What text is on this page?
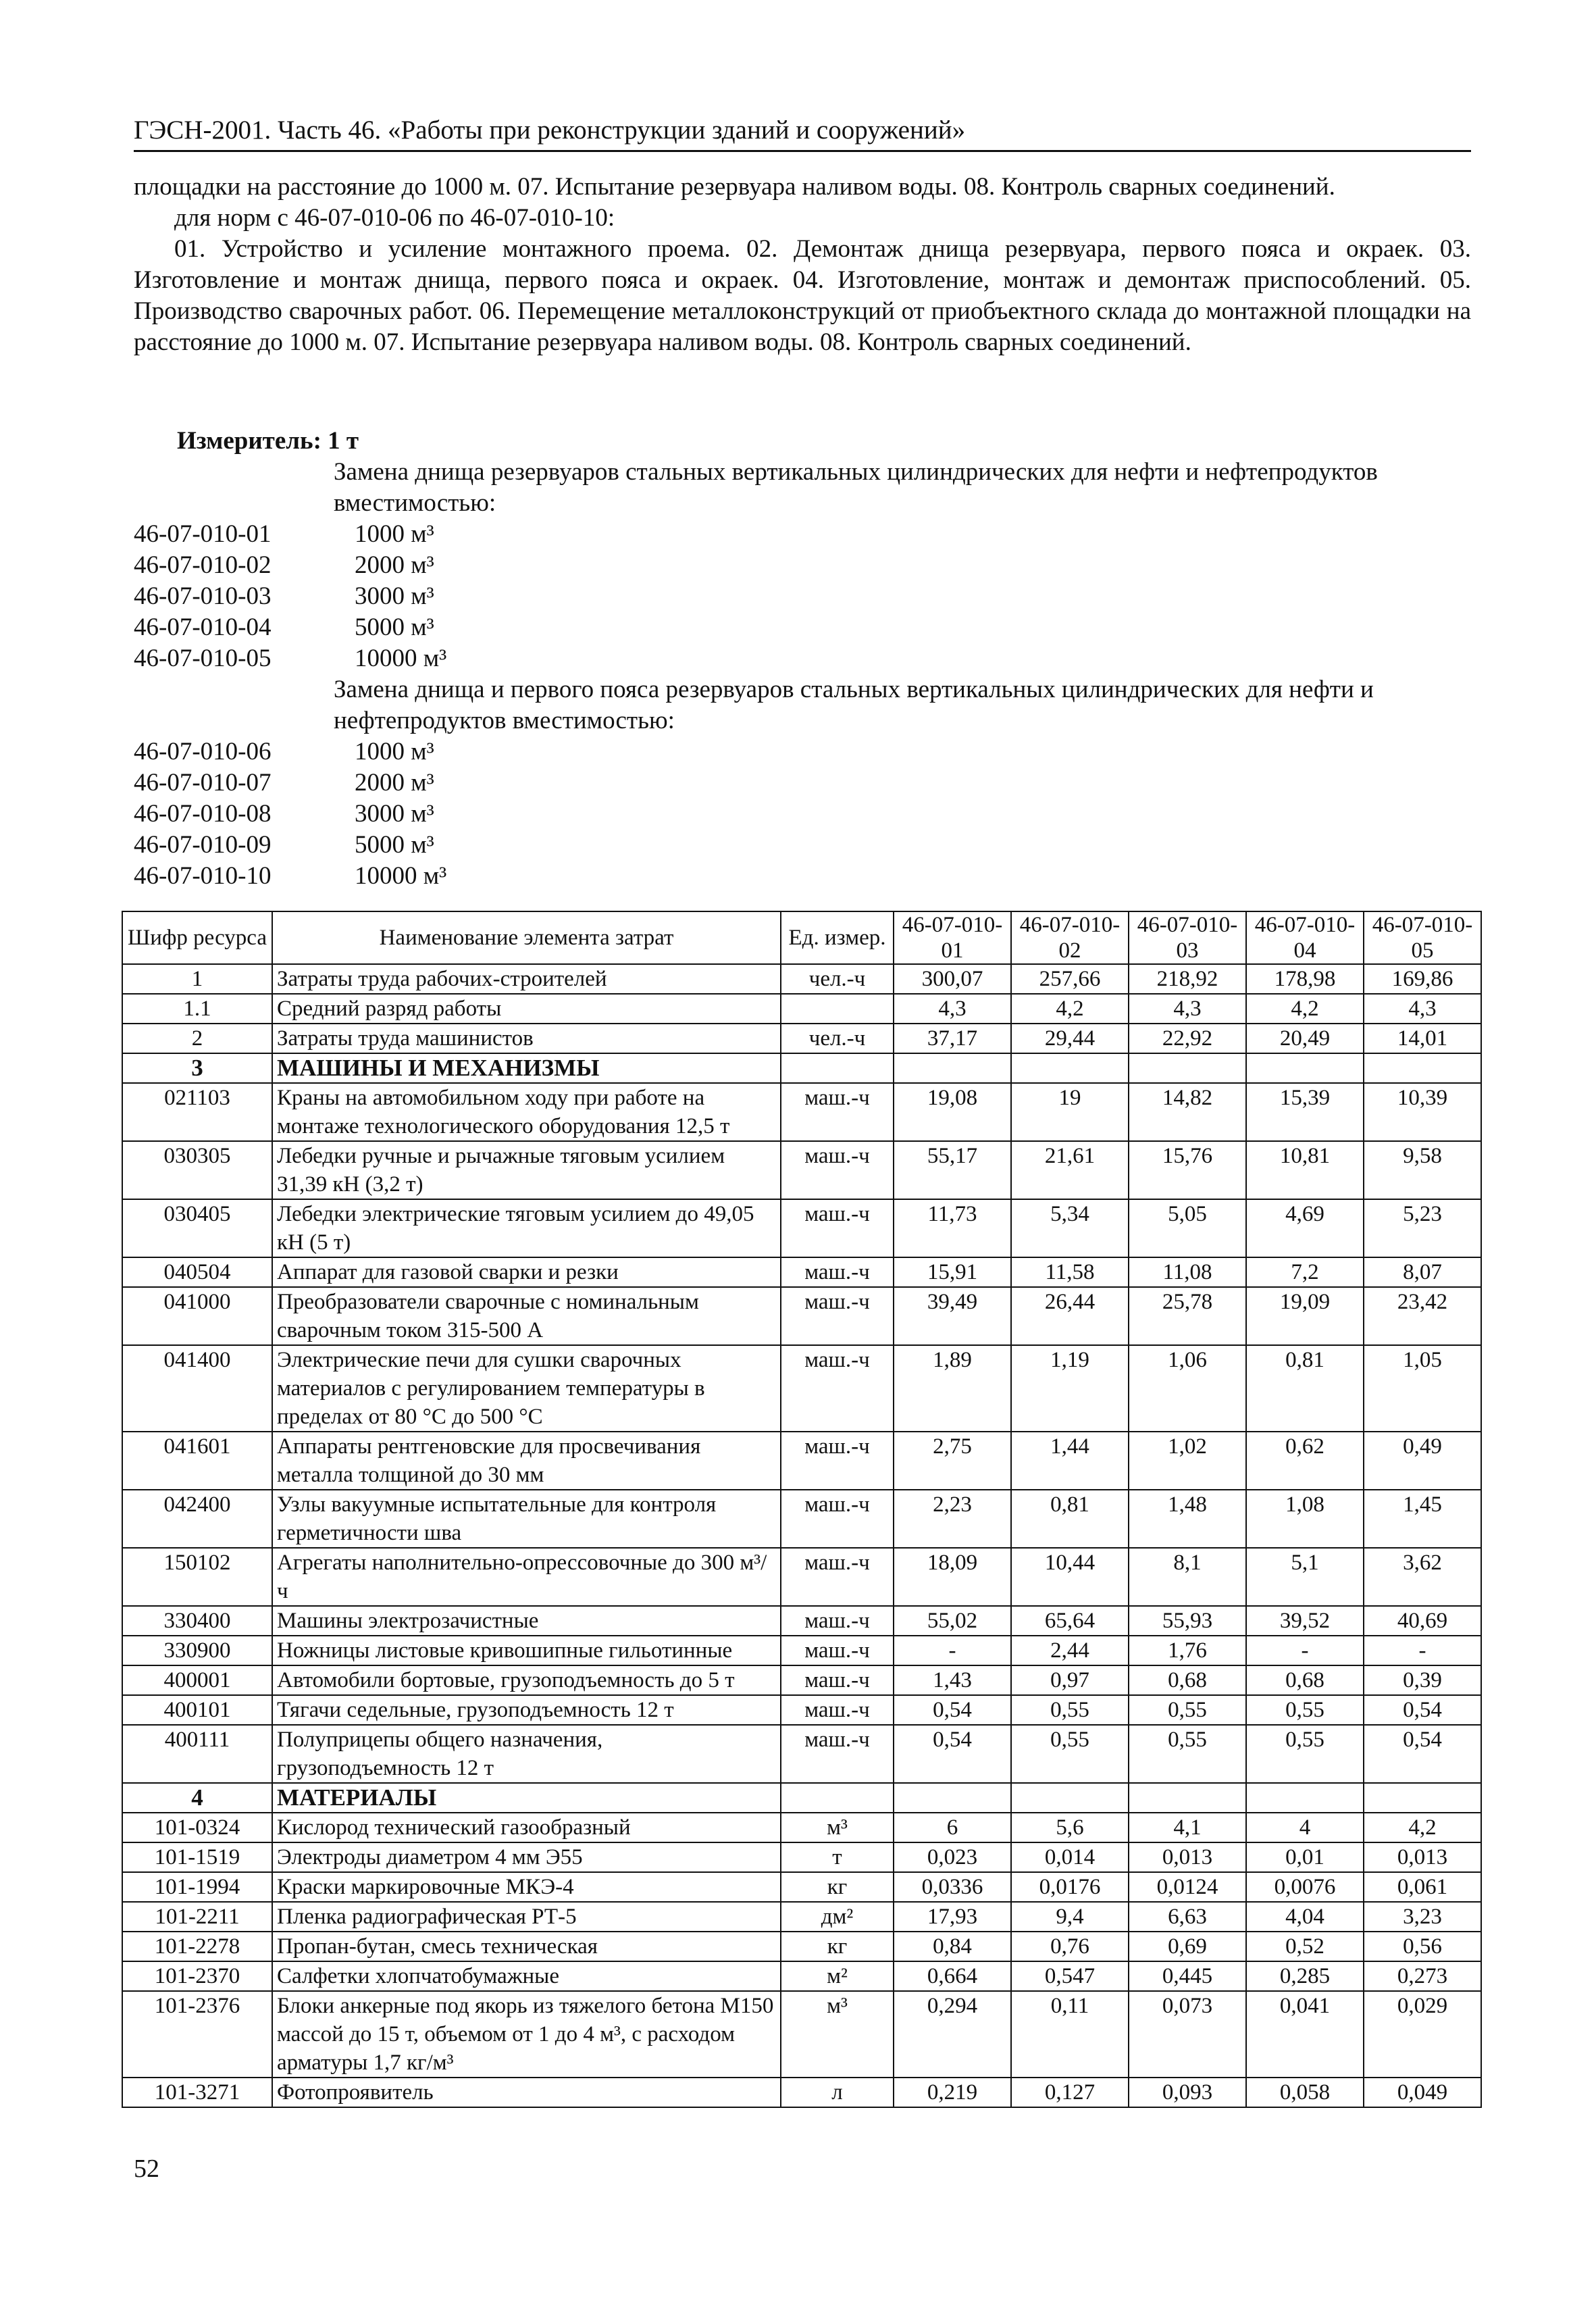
ГЭСН-2001. Часть 46. «Работы при реконструкции зданий и сооружений»

площадки на расстояние до 1000 м. 07. Испытание резервуара наливом воды. 08. Контроль сварных соединений.

для норм с 46-07-010-06 по 46-07-010-10:

01. Устройство и усиление монтажного проема. 02. Демонтаж днища резервуара, первого пояса и окраек. 03. Изготовление и монтаж днища, первого пояса и окраек. 04. Изготовление, монтаж и демонтаж приспособлений. 05. Производство сварочных работ. 06. Перемещение металлоконструкций от приобъектного склада до монтажной площадки на расстояние до 1000 м. 07. Испытание резервуара наливом воды. 08. Контроль сварных соединений.

Измеритель: 1 т
Замена днища резервуаров стальных вертикальных цилиндрических для нефти и нефтепродуктов вместимостью:
46-07-010-01	1000 м³
46-07-010-02	2000 м³
46-07-010-03	3000 м³
46-07-010-04	5000 м³
46-07-010-05	10000 м³
Замена днища и первого пояса резервуаров стальных вертикальных цилиндрических для нефти и нефтепродуктов вместимостью:
46-07-010-06	1000 м³
46-07-010-07	2000 м³
46-07-010-08	3000 м³
46-07-010-09	5000 м³
46-07-010-10	10000 м³
Шифр ресурса	Наименование элемента затрат	Ед. измер.	46-07-010-01	46-07-010-02	46-07-010-03	46-07-010-04	46-07-010-05
1	Затраты труда рабочих-строителей	чел.-ч	300,07	257,66	218,92	178,98	169,86
1.1	Средний разряд работы		4,3	4,2	4,3	4,2	4,3
2	Затраты труда машинистов	чел.-ч	37,17	29,44	22,92	20,49	14,01
3	МАШИНЫ И МЕХАНИЗМЫ						
021103	Краны на автомобильном ходу при работе на монтаже технологического оборудования 12,5 т	маш.-ч	19,08	19	14,82	15,39	10,39
030305	Лебедки ручные и рычажные тяговым усилием 31,39 кН (3,2 т)	маш.-ч	55,17	21,61	15,76	10,81	9,58
030405	Лебедки электрические тяговым усилием до 49,05 кН (5 т)	маш.-ч	11,73	5,34	5,05	4,69	5,23
040504	Аппарат для газовой сварки и резки	маш.-ч	15,91	11,58	11,08	7,2	8,07
041000	Преобразователи сварочные с номинальным сварочным током 315-500 А	маш.-ч	39,49	26,44	25,78	19,09	23,42
041400	Электрические печи для сушки сварочных материалов с регулированием температуры в пределах от 80 °С до 500 °С	маш.-ч	1,89	1,19	1,06	0,81	1,05
041601	Аппараты рентгеновские для просвечивания металла толщиной до 30 мм	маш.-ч	2,75	1,44	1,02	0,62	0,49
042400	Узлы вакуумные испытательные для контроля герметичности шва	маш.-ч	2,23	0,81	1,48	1,08	1,45
150102	Агрегаты наполнительно-опрессовочные до 300 м³/ч	маш.-ч	18,09	10,44	8,1	5,1	3,62
330400	Машины электрозачистные	маш.-ч	55,02	65,64	55,93	39,52	40,69
330900	Ножницы листовые кривошипные гильотинные	маш.-ч	-	2,44	1,76	-	-
400001	Автомобили бортовые, грузоподъемность до 5 т	маш.-ч	1,43	0,97	0,68	0,68	0,39
400101	Тягачи седельные, грузоподъемность 12 т	маш.-ч	0,54	0,55	0,55	0,55	0,54
400111	Полуприцепы общего назначения, грузоподъемность 12 т	маш.-ч	0,54	0,55	0,55	0,55	0,54
4	МАТЕРИАЛЫ						
101-0324	Кислород технический газообразный	м³	6	5,6	4,1	4	4,2
101-1519	Электроды диаметром 4 мм Э55	т	0,023	0,014	0,013	0,01	0,013
101-1994	Краски маркировочные МКЭ-4	кг	0,0336	0,0176	0,0124	0,0076	0,061
101-2211	Пленка радиографическая РТ-5	дм²	17,93	9,4	6,63	4,04	3,23
101-2278	Пропан-бутан, смесь техническая	кг	0,84	0,76	0,69	0,52	0,56
101-2370	Салфетки хлопчатобумажные	м²	0,664	0,547	0,445	0,285	0,273
101-2376	Блоки анкерные под якорь из тяжелого бетона М150 массой до 15 т, объемом от 1 до 4 м³, с расходом арматуры 1,7 кг/м³	м³	0,294	0,11	0,073	0,041	0,029
101-3271	Фотопроявитель	л	0,219	0,127	0,093	0,058	0,049
52
